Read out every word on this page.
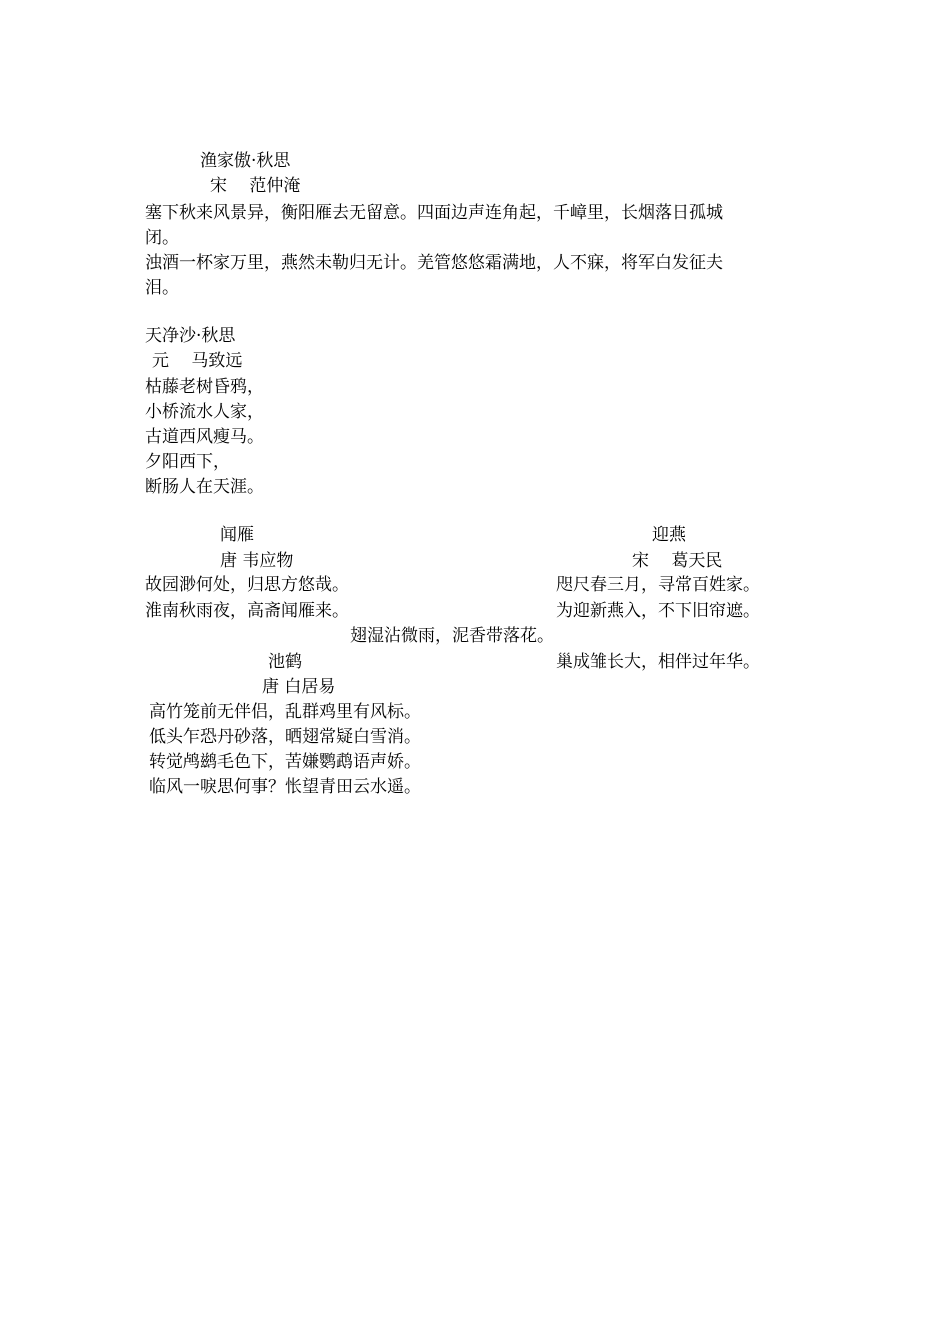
渔家傲·秋思
宋　 范仲淹
塞下秋来风景异，衡阳雁去无留意。四面边声连角起，千嶂里，长烟落日孤城
闭。
浊酒一杯家万里，燕然未勒归无计。羌管悠悠霜满地，人不寐，将军白发征夫
泪。
天净沙·秋思
元　 马致远
枯藤老树昏鸦，
小桥流水人家，
古道西风瘦马。
夕阳西下，
断肠人在天涯。
闻雁
唐 韦应物
故园渺何处，归思方悠哉。
淮南秋雨夜，高斋闻雁来。
迎燕
宋　 葛天民
咫尺春三月，寻常百姓家。
为迎新燕入，不下旧帘遮。
翅湿沾微雨，泥香带落花。
巢成雏长大，相伴过年华。
池鹤
唐 白居易
高竹笼前无伴侣，乱群鸡里有风标。
低头乍恐丹砂落，晒翅常疑白雪消。
转觉鸬鹚毛色下，苦嫌鹦鹉语声娇。
临风一唳思何事？怅望青田云水遥。
